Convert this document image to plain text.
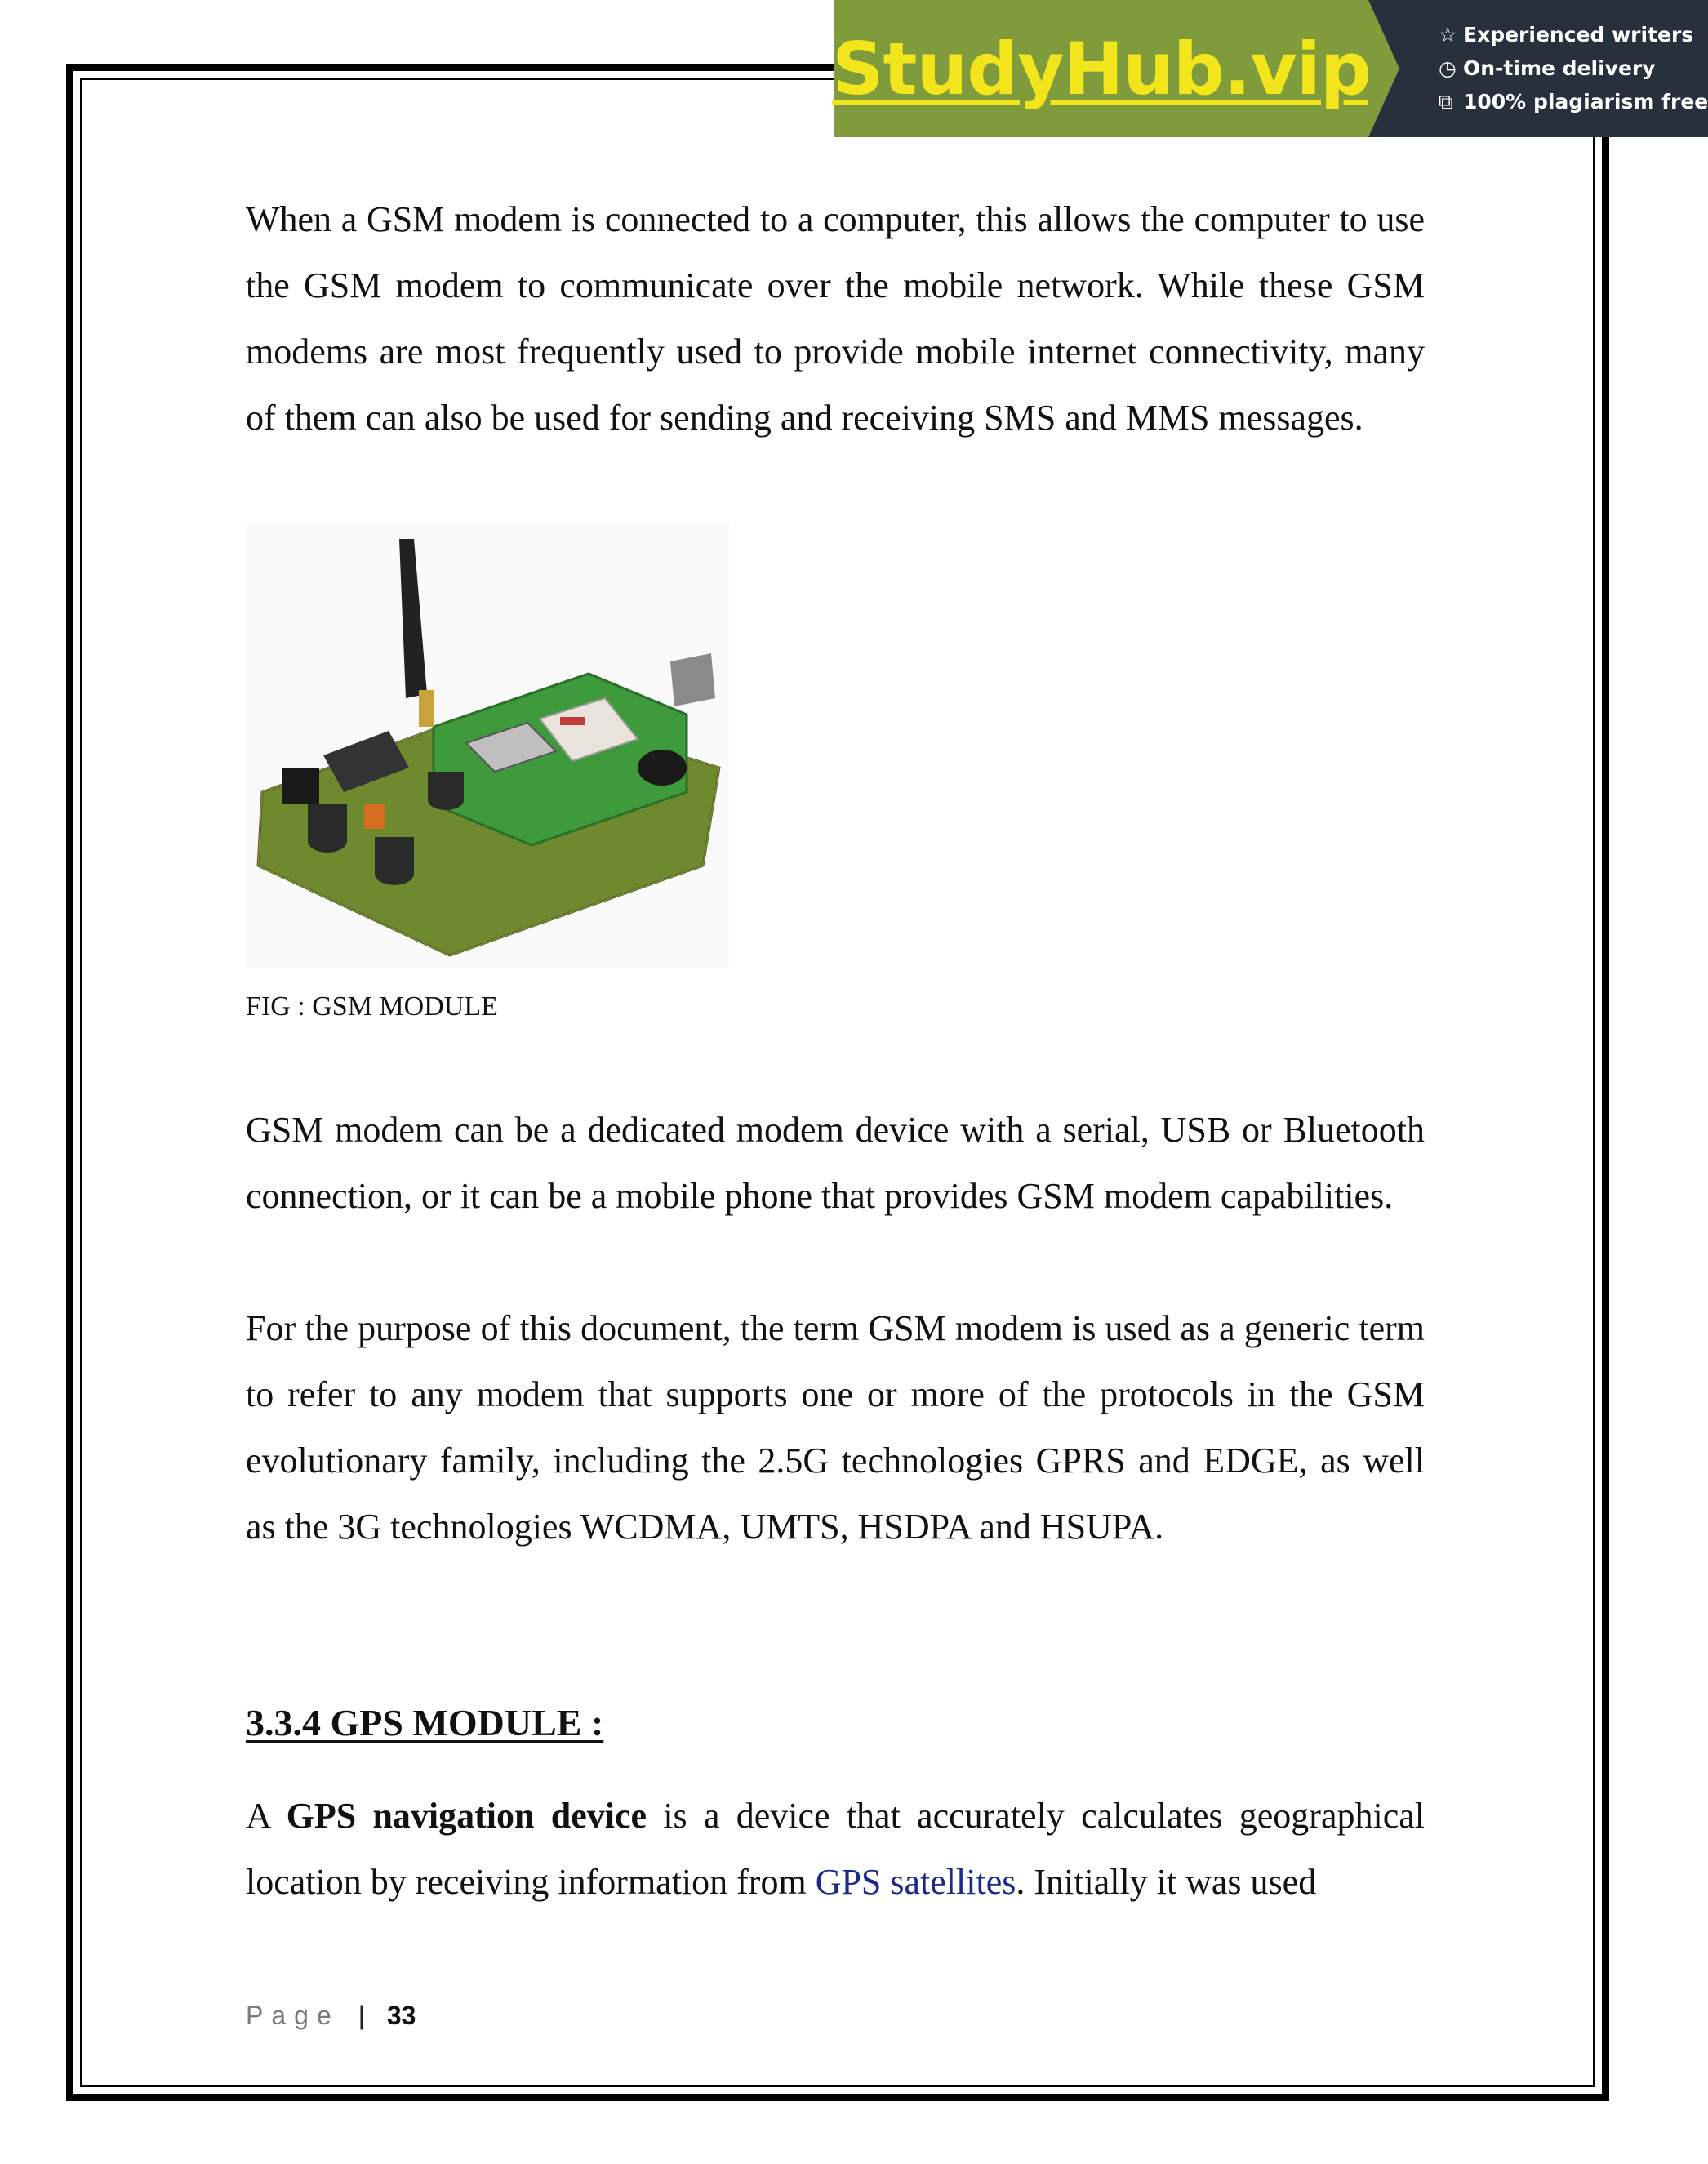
StudyHub.vip	☆ Experienced writers
◷ On-time delivery
⧉ 100% plagiarism free

When a GSM modem is connected to a computer, this allows the computer to use the GSM modem to communicate over the mobile network. While these GSM modems are most frequently used to provide mobile internet connectivity, many of them can also be used for sending and receiving SMS and MMS messages.

FIG : GSM MODULE

GSM modem can be a dedicated modem device with a serial, USB or Bluetooth connection, or it can be a mobile phone that provides GSM modem capabilities.

For the purpose of this document, the term GSM modem is used as a generic term to refer to any modem that supports one or more of the protocols in the GSM evolutionary family, including the 2.5G technologies GPRS and EDGE, as well as the 3G technologies WCDMA, UMTS, HSDPA and HSUPA.

3.3.4 GPS MODULE :

A GPS navigation device is a device that accurately calculates geographical location by receiving information from GPS satellites. Initially it was used

Page | 33
